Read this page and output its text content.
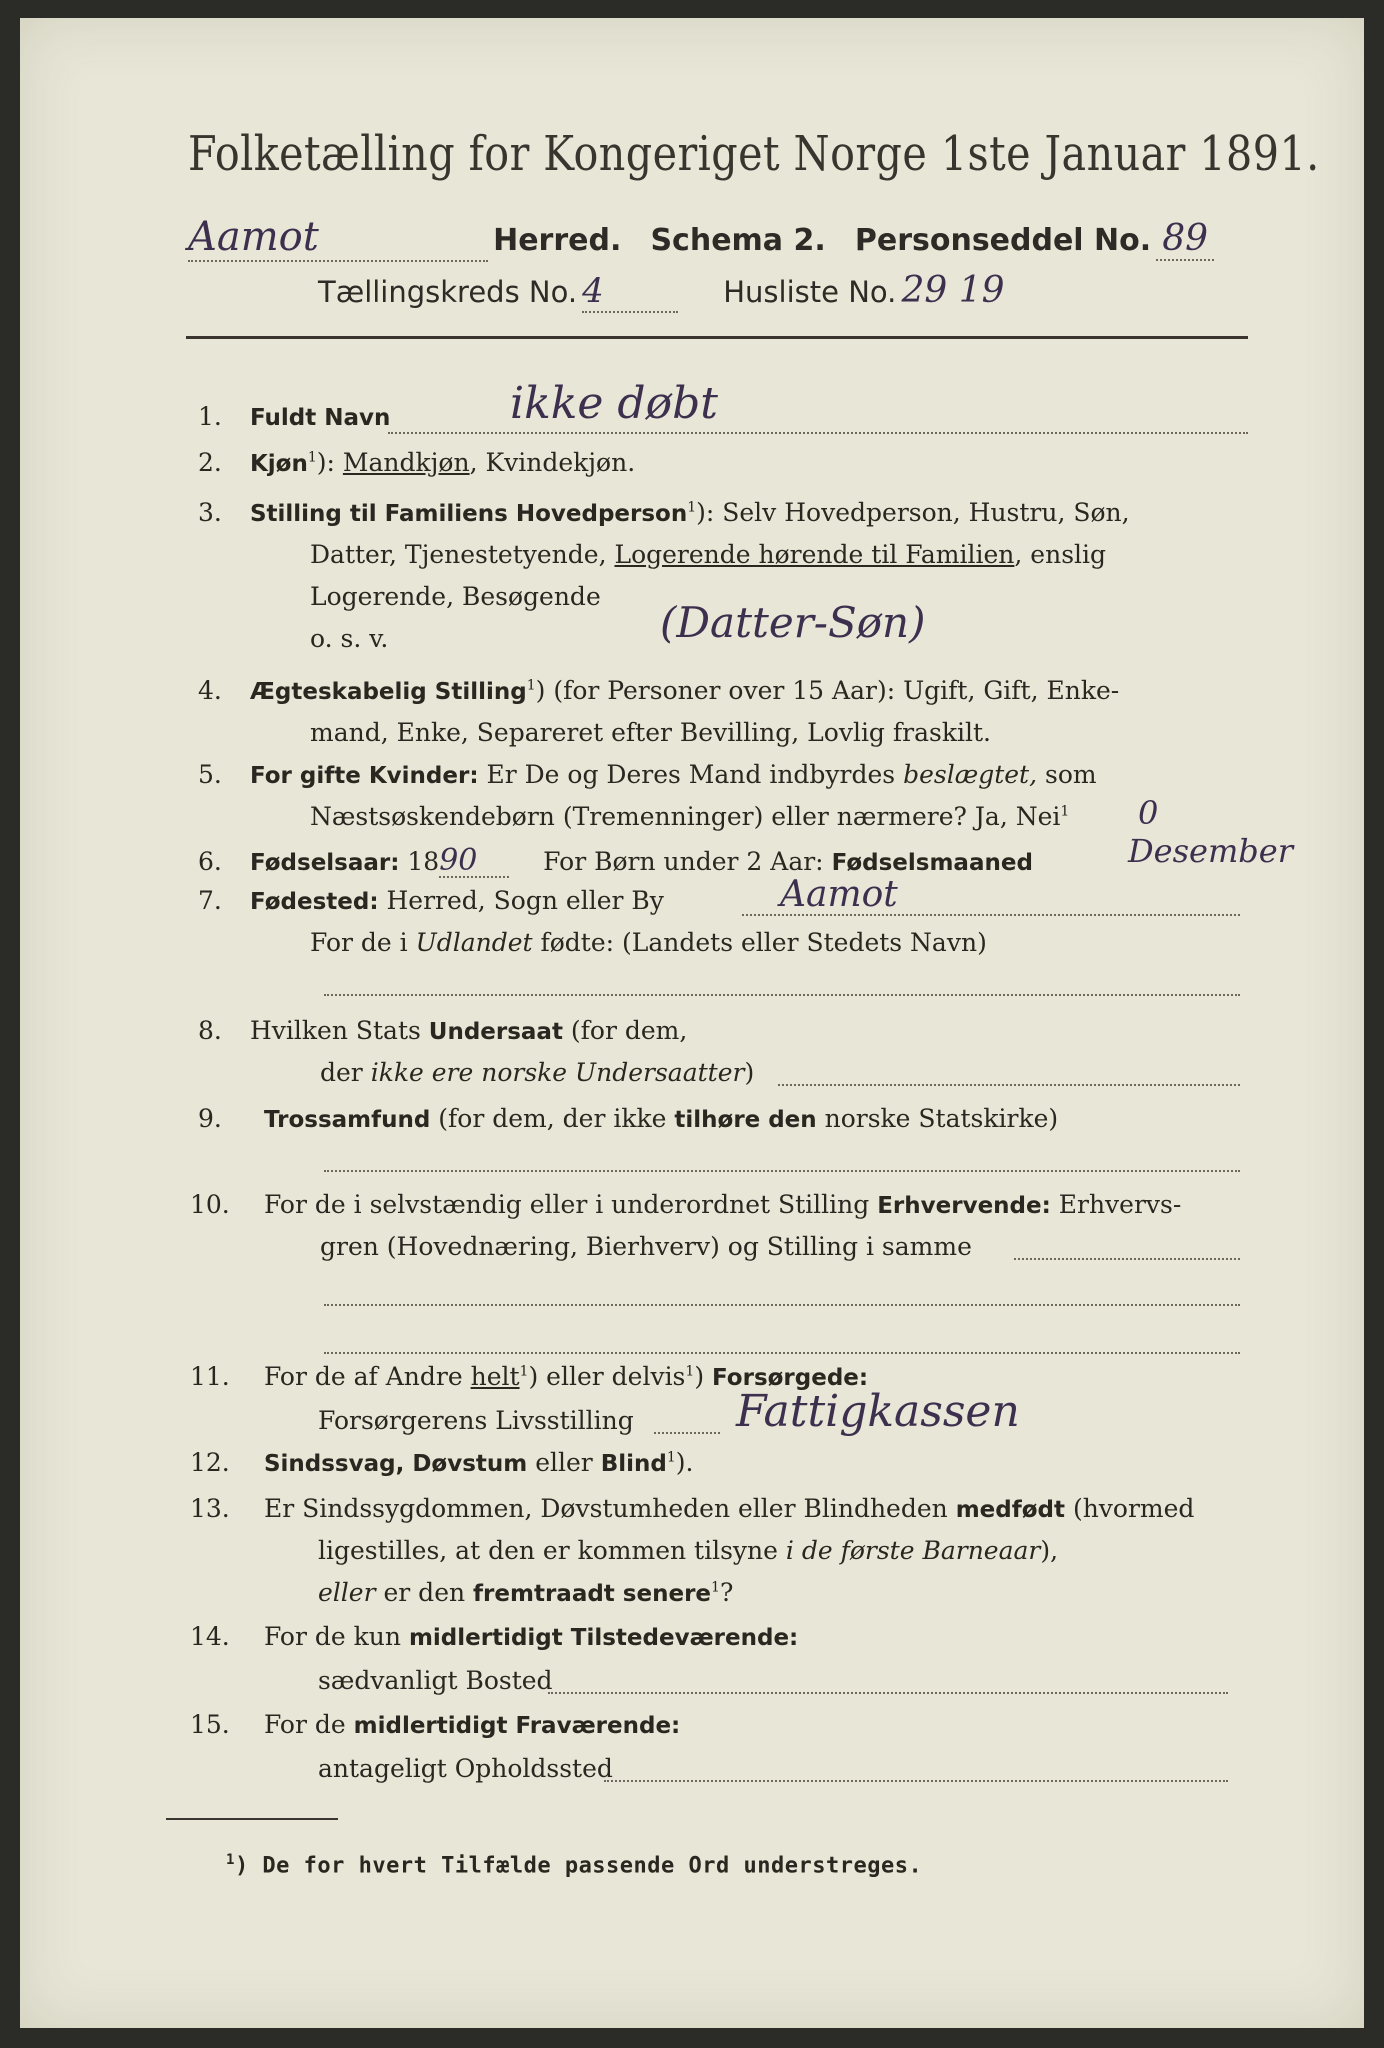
Folketælling for Kongeriget Norge 1ste Januar 1891.
Aamot	Herred. Schema 2. Personseddel No. 89
Tællingskreds No. 4	Husliste No. 29 19
1. Fuldt Navn	ikke døbt
2. Kjøn$^1$): Mandkjøn, Kvindekjøn.
3. Stilling til Familiens Hovedperson$^1$): Selv Hovedperson, Hustru, Søn,
Datter, Tjenestetyende, Logerende hørende til Familien, enslig
Logerende, Besøgende
o. s. v.	(Datter-Søn)
4. Ægteskabelig Stilling$^1$) (for Personer over 15 Aar): Ugift, Gift, Enke-
mand, Enke, Separeret efter Bevilling, Lovlig fraskilt.
5. For gifte Kvinder: Er De og Deres Mand indbyrdes beslægtet, som
Næstsøskendebørn (Tremenninger) eller nærmere? Ja, Nei$^1$ 0
6. Fødselsaar: 1890	For Børn under 2 Aar: Fødselsmaaned	Desember
7. Fødested: Herred, Sogn eller By	Aamot
For de i Udlandet fødte: (Landets eller Stedets Navn)
8. Hvilken Stats Undersaat (for dem,
der ikke ere norske Undersaatter)
9. Trossamfund (for dem, der ikke tilhøre den norske Statskirke)
10. For de i selvstændig eller i underordnet Stilling Erhvervende: Erhvervs-
gren (Hovednæring, Bierhverv) og Stilling i samme
11. For de af Andre helt$^1$) eller delvis$^1$) Forsørgede:
Forsørgerens Livsstilling Fattigkassen
12. Sindssvag, Døvstum eller Blind$^1$).
13. Er Sindssygdommen, Døvstumheden eller Blindheden medfødt (hvormed
ligestilles, at den er kommen tilsyne i de første Barneaar),
eller er den fremtraadt senere$^1$?
14. For de kun midlertidigt Tilstedeværende:
sædvanligt Bosted
15. For de midlertidigt Fraværende:
antageligt Opholdssted
$^1$) De for hvert Tilfælde passende Ord understreges.
